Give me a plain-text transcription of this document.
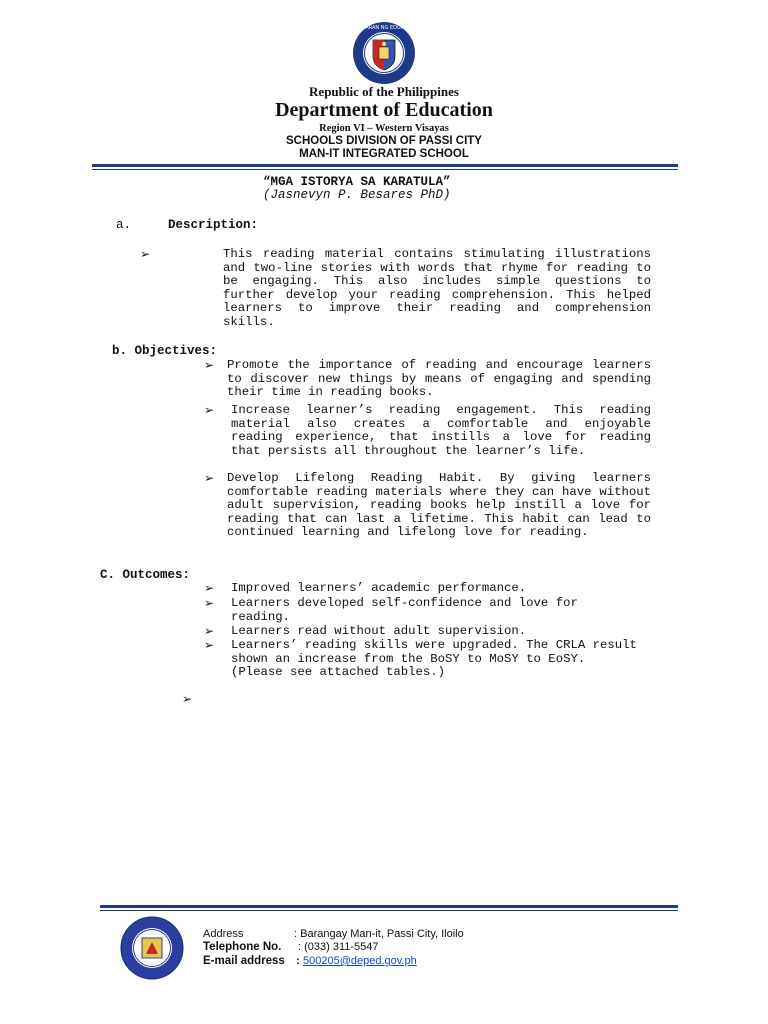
KAGAWARAN NG EDUKASYON
Republic of the Philippines
Department of Education
Region VI – Western Visayas
SCHOOLS DIVISION OF PASSI CITY
MAN-IT INTEGRATED SCHOOL
“MGA ISTORYA SA KARATULA”
(Jasnevyn P. Besares PhD)
a.	Description:
➢	This reading material contains stimulating illustrations and two-line stories with words that rhyme for reading to be engaging. This also includes simple questions to further develop your reading comprehension. This helped learners to improve their reading and comprehension skills.
b. Objectives:
➢ Promote the importance of reading and encourage learners to discover new things by means of engaging and spending their time in reading books.
➢ Increase learner’s reading engagement. This reading material also creates a comfortable and enjoyable reading experience, that instills a love for reading that persists all throughout the learner’s life.
➢ Develop Lifelong Reading Habit. By giving learners comfortable reading materials where they can have without adult supervision, reading books help instill a love for reading that can last a lifetime. This habit can lead to continued learning and lifelong love for reading.
C. Outcomes:
➢ Improved learners’ academic performance.
➢ Learners developed self-confidence and love for reading.
➢ Learners read without adult supervision.
➢ Learners’ reading skills were upgraded. The CRLA result shown an increase from the BoSY to MoSY to EoSY. (Please see attached tables.)
➢
Address	: Barangay Man-it, Passi City, Iloilo
Telephone No. : (033) 311-5547
E-mail address : 500205@deped.gov.ph
